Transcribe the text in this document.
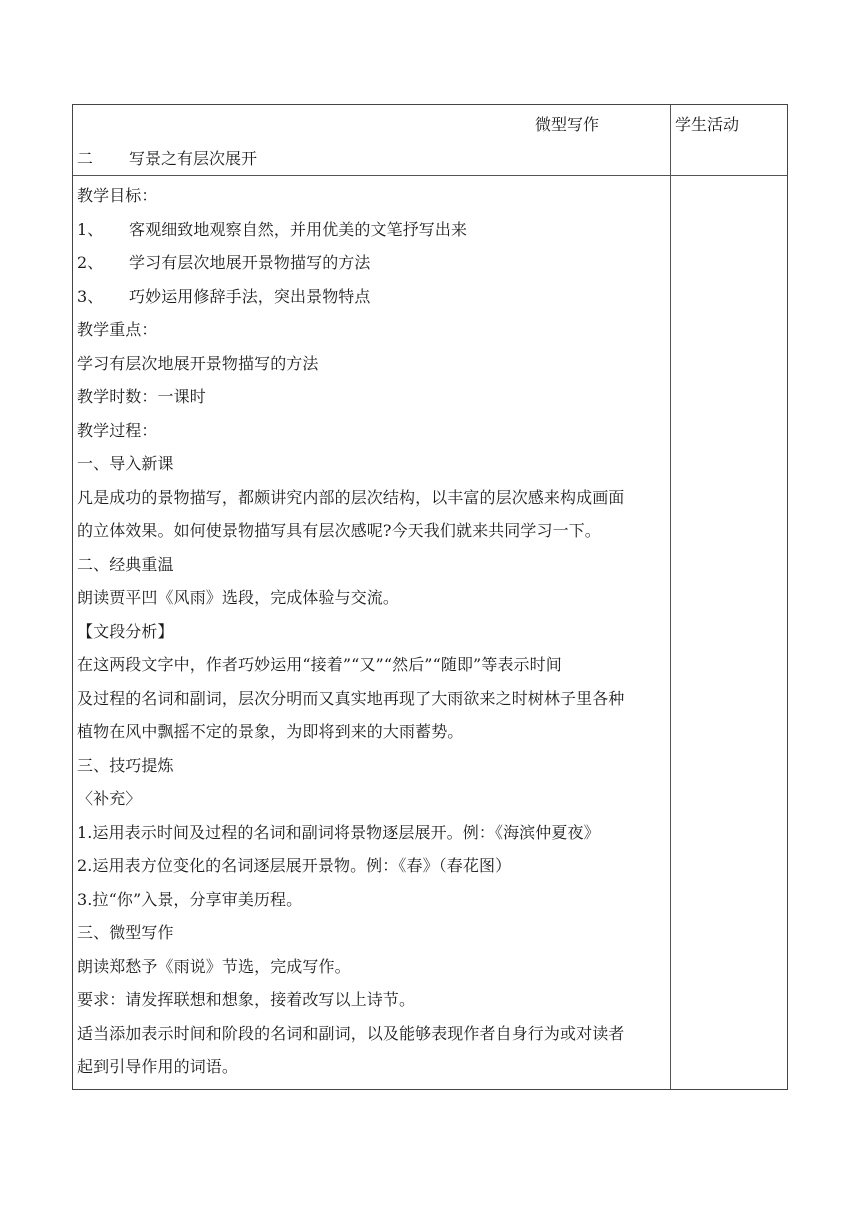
微型写作	学生活动
二 写景之有层次展开
教学目标：
1、 客观细致地观察自然，并用优美的文笔抒写出来
2、 学习有层次地展开景物描写的方法
3、 巧妙运用修辞手法，突出景物特点
教学重点：
学习有层次地展开景物描写的方法
教学时数：一课时
教学过程：
一、导入新课
凡是成功的景物描写，都颇讲究内部的层次结构，以丰富的层次感来构成画面
的立体效果。如何使景物描写具有层次感呢?今天我们就来共同学习一下。
二、经典重温
朗读贾平凹《风雨》选段，完成体验与交流。
【文段分析】
在这两段文字中，作者巧妙运用“接着”“又”“然后”“随即”等表示时间
及过程的名词和副词，层次分明而又真实地再现了大雨欲来之时树林子里各种
植物在风中飘摇不定的景象，为即将到来的大雨蓄势。
三、技巧提炼
〈补充〉
1.运用表示时间及过程的名词和副词将景物逐层展开。例：《海滨仲夏夜》
2.运用表方位变化的名词逐层展开景物。例：《春》（春花图）
3.拉“你”入景，分享审美历程。
三、微型写作
朗读郑愁予《雨说》节选，完成写作。
要求：请发挥联想和想象，接着改写以上诗节。
适当添加表示时间和阶段的名词和副词，以及能够表现作者自身行为或对读者
起到引导作用的词语。
